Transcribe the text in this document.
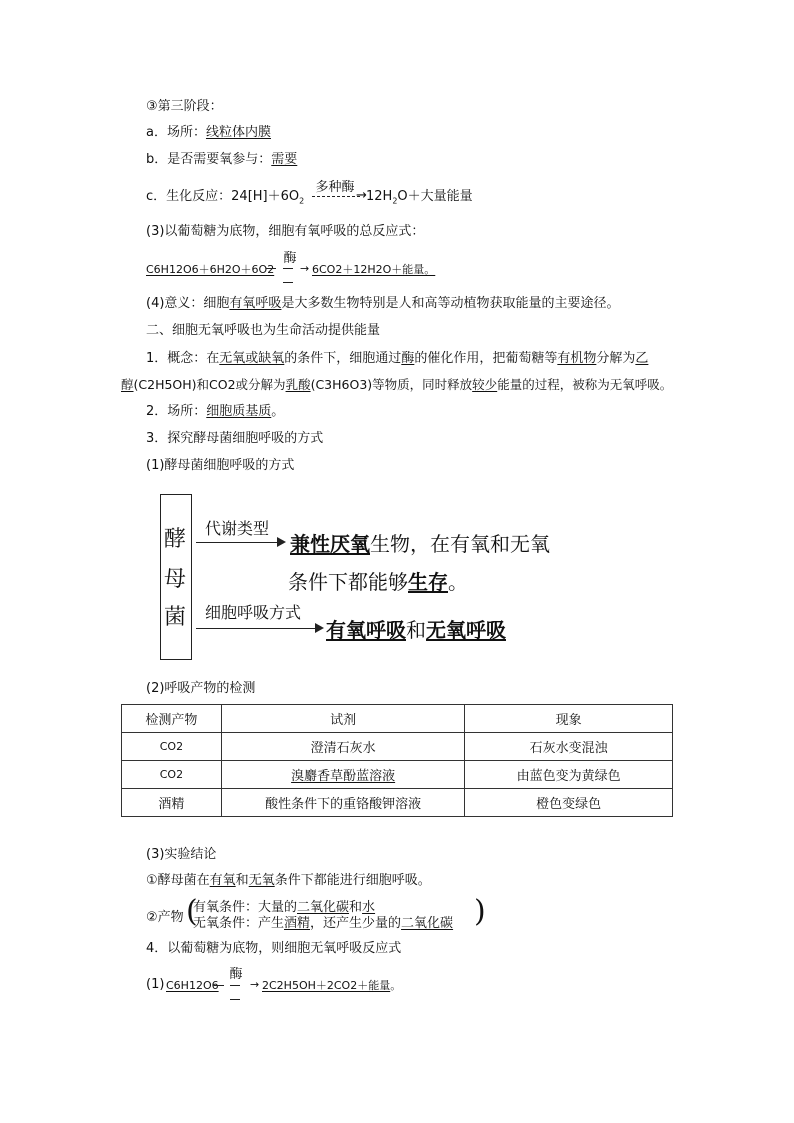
③第三阶段：
a．场所：线粒体内膜
b．是否需要氧参与：需要
c．生化反应：$24[H]+6O_2$
多种酶
→ $12H_2O+$大量能量
(3)以葡萄糖为底物，细胞有氧呼吸的总反应式：
C6H12O6＋6H2O＋6O2
酶
→ 6CO2＋12H2O＋能量。
(4)意义：细胞有氧呼吸是大多数生物特别是人和高等动植物获取能量的主要途径。
二、细胞无氧呼吸也为生命活动提供能量
1．概念：在无氧或缺氧的条件下，细胞通过酶的催化作用，把葡萄糖等有机物分解为乙
醇(C2H5OH)和CO2或分解为乳酸(C3H6O3)等物质，同时释放较少能量的过程，被称为无氧呼吸。
2．场所：细胞质基质。
3．探究酵母菌细胞呼吸的方式
(1)酵母菌细胞呼吸的方式
酵
母
菌
代谢类型
兼性厌氧生物，在有氧和无氧
条件下都能够生存。
细胞呼吸方式
有氧呼吸和无氧呼吸
(2)呼吸产物的检测
检测产物	试剂	现象
CO2	澄清石灰水	石灰水变混浊
CO2	溴麝香草酚蓝溶液	由蓝色变为黄绿色
酒精	酸性条件下的重铬酸钾溶液	橙色变绿色
(3)实验结论
①酵母菌在有氧和无氧条件下都能进行细胞呼吸。
②产物 (
有氧条件：大量的二氧化碳和水
无氧条件：产生酒精，还产生少量的二氧化碳 )
4．以葡萄糖为底物，则细胞无氧呼吸反应式
(1) C6H12O6
酶
→ 2C2H5OH＋2CO2＋能量。
